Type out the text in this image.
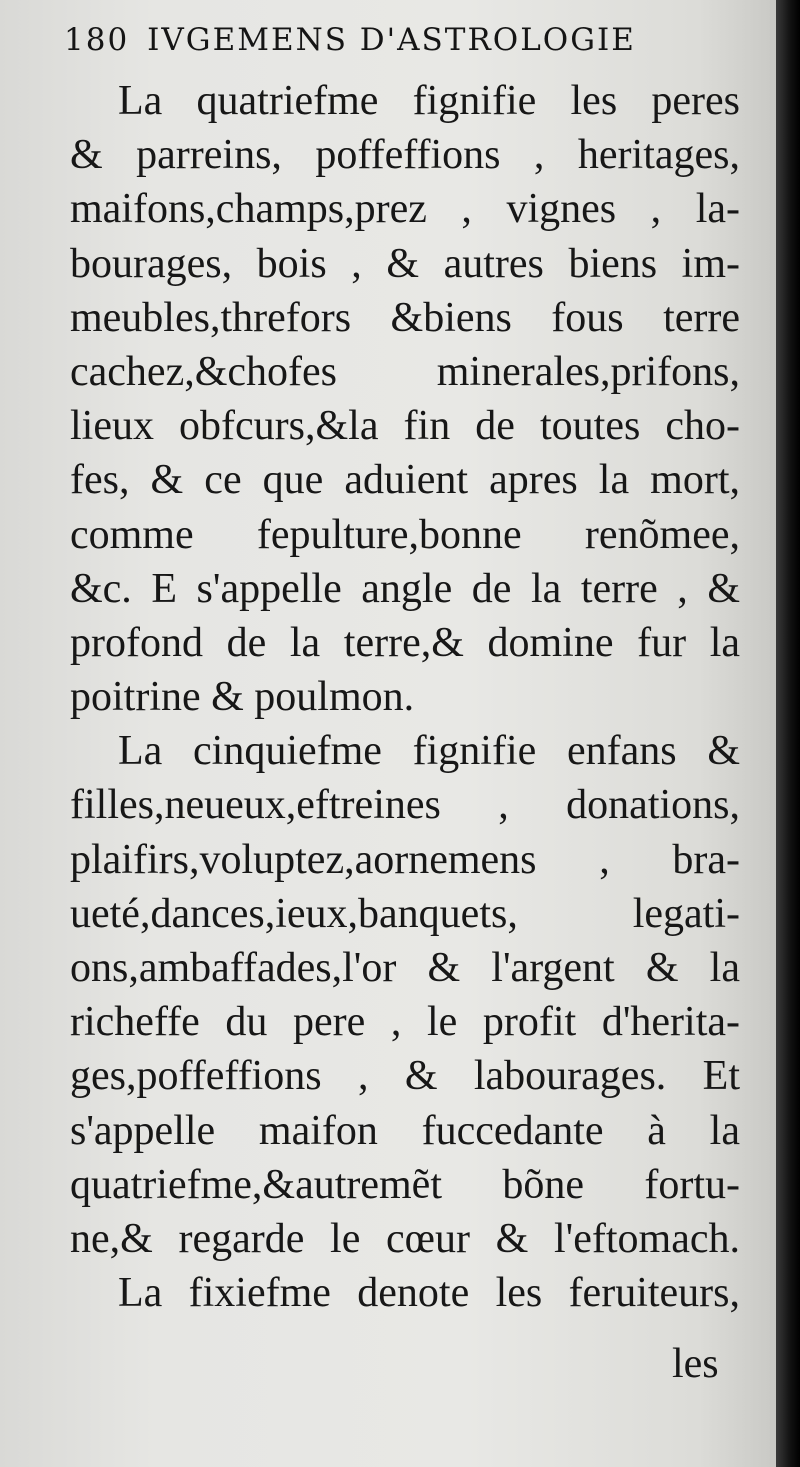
180 IVGEMENS D'ASTROLOGIE
La quatriefme fignifie les peres
& parreins, poffeffions , heritages,
maifons,champs,prez , vignes , la-
bourages, bois , & autres biens im-
meubles,threfors &biens fous terre
cachez,&chofes minerales,prifons,
lieux obfcurs,&la fin de toutes cho-
fes, & ce que aduient apres la mort,
comme fepulture,bonne renõmee,
&c. E s'appelle angle de la terre , &
profond de la terre,& domine fur la
poitrine & poulmon.
La cinquiefme fignifie enfans &
filles,neueux,eftreines , donations,
plaifirs,voluptez,aornemens , bra-
ueté,dances,ieux,banquets, legati-
ons,ambaffades,l'or & l'argent & la
richeffe du pere , le profit d'herita-
ges,poffeffions , & labourages. Et
s'appelle maifon fuccedante à la
quatriefme,&autremẽt bõne fortu-
ne,& regarde le cœur & l'eftomach.
La fixiefme denote les feruiteurs,
les
